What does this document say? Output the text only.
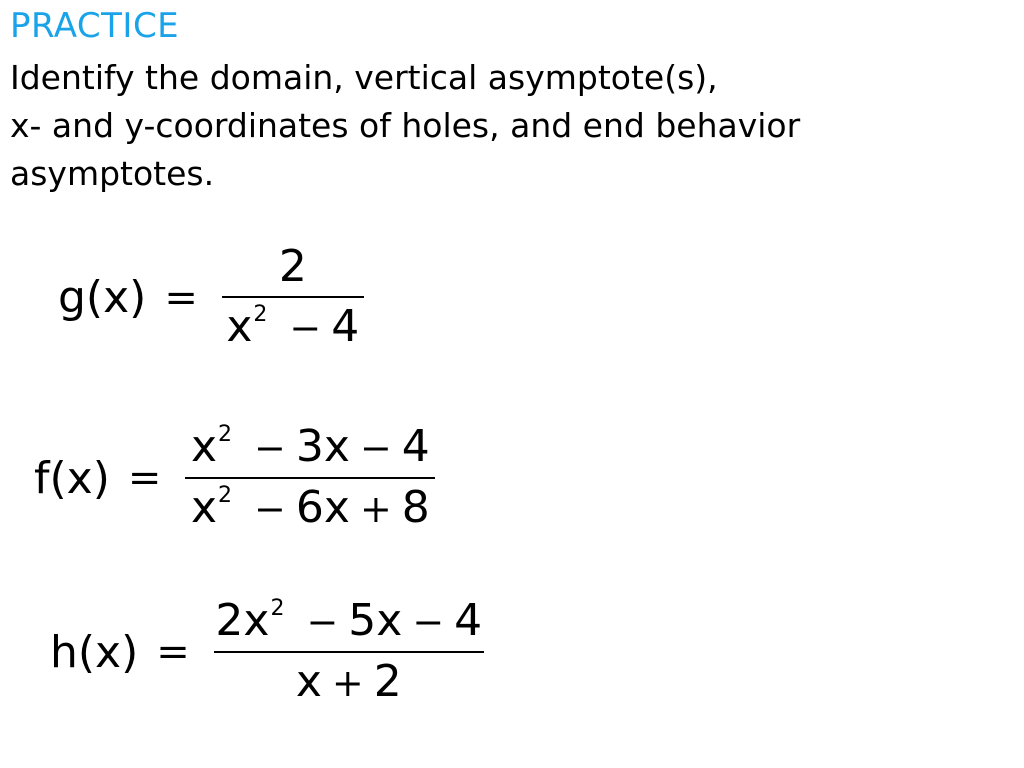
PRACTICE
Identify the domain, vertical asymptote(s),
x- and y-coordinates of holes, and end behavior
asymptotes.
$g(x) = \frac{2}{x^2 - 4}$
$f(x) = \frac{x^2 - 3x - 4}{x^2 - 6x + 8}$
$h(x) = \frac{2x^2 - 5x - 4}{x + 2}$
